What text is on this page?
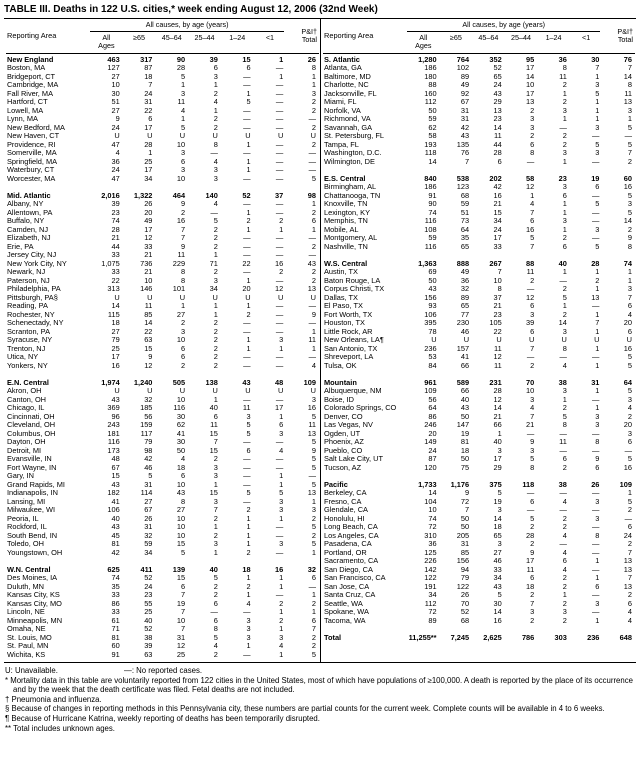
TABLE III. Deaths in 122 U.S. cities,* week ending August 12, 2006 (32nd Week)
Reporting Area
All causes, by age (years)
All
Ages
≥65	45–64	25–44	1–24	<1
P&I†
Total
New England	463	317	90	39	15	1	26
Boston, MA	127	87	28	6	6	—	8
Bridgeport, CT	27	18	5	3	—	1	1
Cambridge, MA	10	7	1	1	—	—	1
Fall River, MA	30	24	3	2	1	—	3
Hartford, CT	51	31	11	4	5	—	2
Lowell, MA	27	22	4	1	—	—	2
Lynn, MA	9	6	1	2	—	—	—
New Bedford, MA	24	17	5	2	—	—	2
New Haven, CT	U	U	U	U	U	U	U
Providence, RI	47	28	10	8	1	—	2
Somerville, MA	4	1	3	—	—	—	—
Springfield, MA	36	25	6	4	1	—	—
Waterbury, CT	24	17	3	3	1	—	—
Worcester, MA	47	34	10	3	—	—	5
Mid. Atlantic	2,016	1,322	464	140	52	37	98
Albany, NY	39	26	9	4	—	—	1
Allentown, PA	23	20	2	—	1	—	2
Buffalo, NY	74	49	16	5	2	2	6
Camden, NJ	28	17	7	2	1	1	1
Elizabeth, NJ	21	12	7	2	—	—	—
Erie, PA	44	33	9	2	—	—	2
Jersey City, NJ	33	21	11	1	—	—	—
New York City, NY	1,075	736	229	71	22	16	43
Newark, NJ	33	21	8	2	—	2	2
Paterson, NJ	22	10	8	3	1	—	2
Philadelphia, PA	313	146	101	34	20	12	13
Pittsburgh, PA§	U	U	U	U	U	U	U
Reading, PA	14	11	1	1	1	—	—
Rochester, NY	115	85	27	1	2	—	9
Schenectady, NY	18	14	2	2	—	—	—
Scranton, PA	27	22	3	2	—	—	1
Syracuse, NY	79	63	10	2	1	3	11
Trenton, NJ	25	15	6	2	1	1	1
Utica, NY	17	9	6	2	—	—	—
Yonkers, NY	16	12	2	2	—	—	4
E.N. Central	1,974	1,240	505	138	43	48	109
Akron, OH	U	U	U	U	U	U	U
Canton, OH	43	32	10	1	—	—	3
Chicago, IL	369	185	116	40	11	17	16
Cincinnati, OH	96	56	30	6	3	1	5
Cleveland, OH	243	159	62	11	5	6	11
Columbus, OH	181	117	41	15	5	3	13
Dayton, OH	116	79	30	7	—	—	5
Detroit, MI	173	98	50	15	6	4	9
Evansville, IN	48	42	4	2	—	—	5
Fort Wayne, IN	67	46	18	3	—	—	5
Gary, IN	15	5	6	3	—	1	—
Grand Rapids, MI	43	31	10	1	—	1	5
Indianapolis, IN	182	114	43	15	5	5	13
Lansing, MI	41	27	8	3	—	3	1
Milwaukee, WI	106	67	27	7	2	3	3
Peoria, IL	40	26	10	2	1	1	2
Rockford, IL	43	31	10	1	1	—	5
South Bend, IN	45	32	10	2	1	—	2
Toledo, OH	81	59	15	3	1	3	5
Youngstown, OH	42	34	5	1	2	—	1
W.N. Central	625	411	139	40	18	16	32
Des Moines, IA	74	52	15	5	1	1	6
Duluth, MN	35	24	6	2	2	1	—
Kansas City, KS	33	23	7	2	1	—	1
Kansas City, MO	86	55	19	6	4	2	2
Lincoln, NE	33	25	7	—	—	1	1
Minneapolis, MN	61	40	10	6	3	2	6
Omaha, NE	71	52	7	8	3	1	7
St. Louis, MO	81	38	31	5	3	3	2
St. Paul, MN	60	39	12	4	1	4	2
Wichita, KS	91	63	25	2	—	1	5
Reporting Area
All causes, by age (years)
All
Ages
≥65	45–64	25–44	1–24	<1
P&I†
Total
S. Atlantic	1,280	764	352	95	36	30	76
Atlanta, GA	186	102	52	17	8	7	7
Baltimore, MD	180	89	65	14	11	1	14
Charlotte, NC	88	49	24	10	2	3	8
Jacksonville, FL	160	92	43	17	1	5	11
Miami, FL	112	67	29	13	2	1	13
Norfolk, VA	50	31	13	2	3	1	3
Richmond, VA	59	31	23	3	1	1	1
Savannah, GA	62	42	14	3	—	3	5
St. Petersburg, FL	58	43	11	2	2	—	—
Tampa, FL	193	135	44	6	2	5	5
Washington, D.C.	118	76	28	8	3	3	7
Wilmington, DE	14	7	6	—	1	—	2
E.S. Central	840	538	202	58	23	19	60
Birmingham, AL	186	123	42	12	3	6	16
Chattanooga, TN	91	68	16	1	6	—	5
Knoxville, TN	90	59	21	4	1	5	3
Lexington, KY	74	51	15	7	1	—	5
Memphis, TN	116	73	34	6	3	—	14
Mobile, AL	108	64	24	16	1	3	2
Montgomery, AL	59	35	17	5	2	—	9
Nashville, TN	116	65	33	7	6	5	8
W.S. Central	1,363	888	267	88	40	28	74
Austin, TX	69	49	7	11	1	1	1
Baton Rouge, LA	50	36	10	2	—	2	1
Corpus Christi, TX	43	32	8	—	2	1	3
Dallas, TX	156	89	37	12	5	13	7
El Paso, TX	93	65	21	6	1	—	6
Fort Worth, TX	106	77	23	3	2	1	4
Houston, TX	395	230	105	39	14	7	20
Little Rock, AR	78	46	22	6	3	1	6
New Orleans, LA¶	U	U	U	U	U	U	U
San Antonio, TX	236	157	11	7	8	1	16
Shreveport, LA	53	41	12	—	—	—	5
Tulsa, OK	84	66	11	2	4	1	5
Mountain	961	589	231	70	38	31	64
Albuquerque, NM	109	66	28	10	3	1	5
Boise, ID	56	40	12	3	1	—	3
Colorado Springs, CO	64	43	14	4	2	1	4
Denver, CO	86	50	21	7	5	3	2
Las Vegas, NV	246	147	66	21	8	3	20
Ogden, UT	20	19	1	—	—	—	3
Phoenix, AZ	149	81	40	9	11	8	6
Pueblo, CO	24	18	3	3	—	—	—
Salt Lake City, UT	87	50	17	5	6	9	5
Tucson, AZ	120	75	29	8	2	6	16
Pacific	1,733	1,176	375	118	38	26	109
Berkeley, CA	14	9	5	—	—	—	1
Fresno, CA	104	72	19	6	4	3	5
Glendale, CA	10	7	3	—	—	—	2
Honolulu, HI	74	50	14	5	2	3	—
Long Beach, CA	72	50	18	2	2	—	6
Los Angeles, CA	310	205	65	28	4	8	24
Pasadena, CA	36	31	3	2	—	—	2
Portland, OR	125	85	27	9	4	—	7
Sacramento, CA	226	156	46	17	6	1	13
San Diego, CA	142	94	33	11	4	—	13
San Francisco, CA	122	79	34	6	2	1	7
San Jose, CA	191	122	43	18	2	6	13
Santa Cruz, CA	34	26	5	2	1	—	2
Seattle, WA	112	70	30	7	2	3	6
Spokane, WA	72	52	14	3	3	—	4
Tacoma, WA	89	68	16	2	2	1	4
Total	11,255**	7,245	2,625	786	303	236	648
U: Unavailable.	—: No reported cases.
* Mortality data in this table are voluntarily reported from 122 cities in the United States, most of which have populations of ≥100,000. A death is reported by the place of its occurrence and by the week that the death certificate was filed. Fetal deaths are not included.
† Pneumonia and influenza.
§ Because of changes in reporting methods in this Pennsylvania city, these numbers are partial counts for the current week. Complete counts will be available in 4 to 6 weeks.
¶ Because of Hurricane Katrina, weekly reporting of deaths has been temporarily disrupted.
** Total includes unknown ages.
